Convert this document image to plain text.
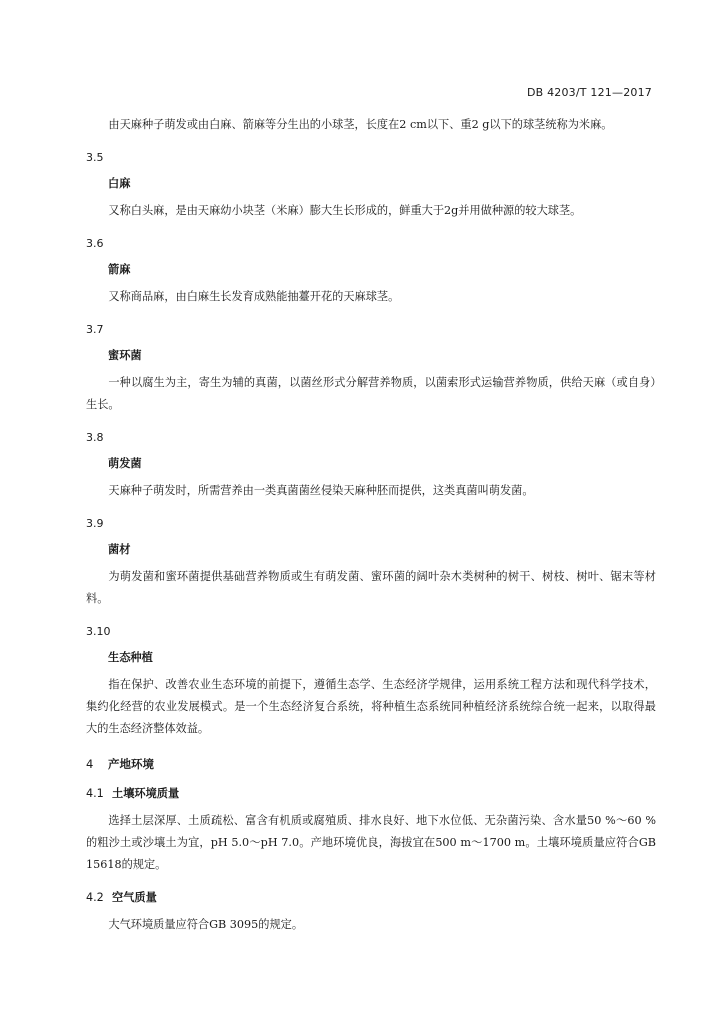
DB 4203/T 121—2017

由天麻种子萌发或由白麻、箭麻等分生出的小球茎，长度在2 cm以下、重2 g以下的球茎统称为米麻。

3.5
白麻

又称白头麻，是由天麻幼小块茎（米麻）膨大生长形成的，鲜重大于2g并用做种源的较大球茎。

3.6
箭麻

又称商品麻，由白麻生长发育成熟能抽薹开花的天麻球茎。

3.7
蜜环菌

一种以腐生为主，寄生为辅的真菌，以菌丝形式分解营养物质，以菌索形式运输营养物质，供给天麻（或自身）生长。

3.8
萌发菌

天麻种子萌发时，所需营养由一类真菌菌丝侵染天麻种胚而提供，这类真菌叫萌发菌。

3.9
菌材

为萌发菌和蜜环菌提供基础营养物质或生有萌发菌、蜜环菌的阔叶杂木类树种的树干、树枝、树叶、锯末等材料。

3.10
生态种植

指在保护、改善农业生态环境的前提下，遵循生态学、生态经济学规律，运用系统工程方法和现代科学技术，集约化经营的农业发展模式。是一个生态经济复合系统，将种植生态系统同种植经济系统综合统一起来，以取得最大的生态经济整体效益。

4 产地环境
4.1 土壤环境质量

选择土层深厚、土质疏松、富含有机质或腐殖质、排水良好、地下水位低、无杂菌污染、含水量50 %～60 %的粗沙土或沙壤土为宜，pH 5.0～pH 7.0。产地环境优良，海拔宜在500 m～1700 m。土壤环境质量应符合GB 15618的规定。

4.2 空气质量

大气环境质量应符合GB 3095的规定。
